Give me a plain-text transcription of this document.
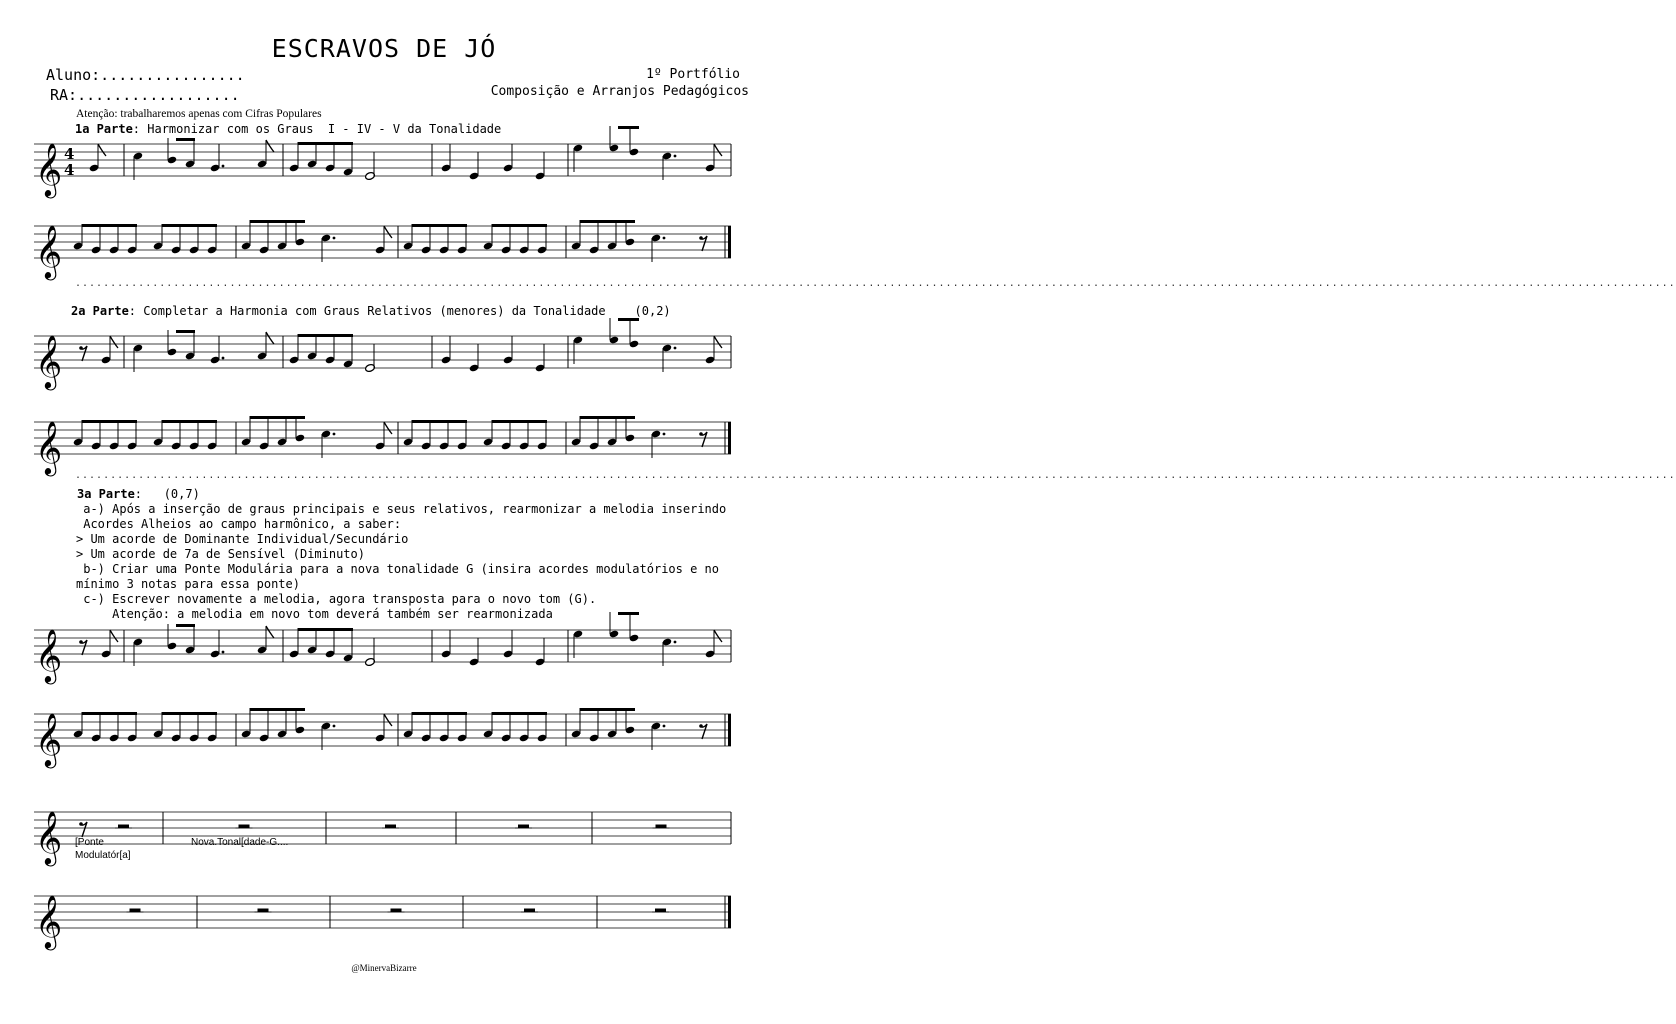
ESCRAVOS DE JÓ
Aluno:................
RA:..................
1º Portfólio
Composição e Arranjos Pedagógicos
Atenção: trabalharemos apenas com Cifras Populares
1a Parte: Harmonizar com os Graus  I - IV - V da Tonalidade
....................................................................................................................................................................................................................................
2a Parte: Completar a Harmonia com Graus Relativos (menores) da Tonalidade    (0,2)
....................................................................................................................................................................................................................................
3a Parte:   (0,7)
a-) Após a inserção de graus principais e seus relativos, rearmonizar a melodia inserindo
Acordes Alheios ao campo harmônico, a saber:
> Um acorde de Dominante Individual/Secundário
> Um acorde de 7a de Sensível (Diminuto)
b-) Criar uma Ponte Modulária para a nova tonalidade G (insira acordes modulatórios e no
mínimo 3 notas para essa ponte)
c-) Escrever novamente a melodia, agora transposta para o novo tom (G).
Atenção: a melodia em novo tom deverá também ser rearmonizada
𝄞 4
4
𝄞
𝄞
𝄞
𝄞
𝄞
𝄞
𝄞
[Ponte
Modulatór[a]
Nova.Tonal[dade-G....
@MinervaBizarre
